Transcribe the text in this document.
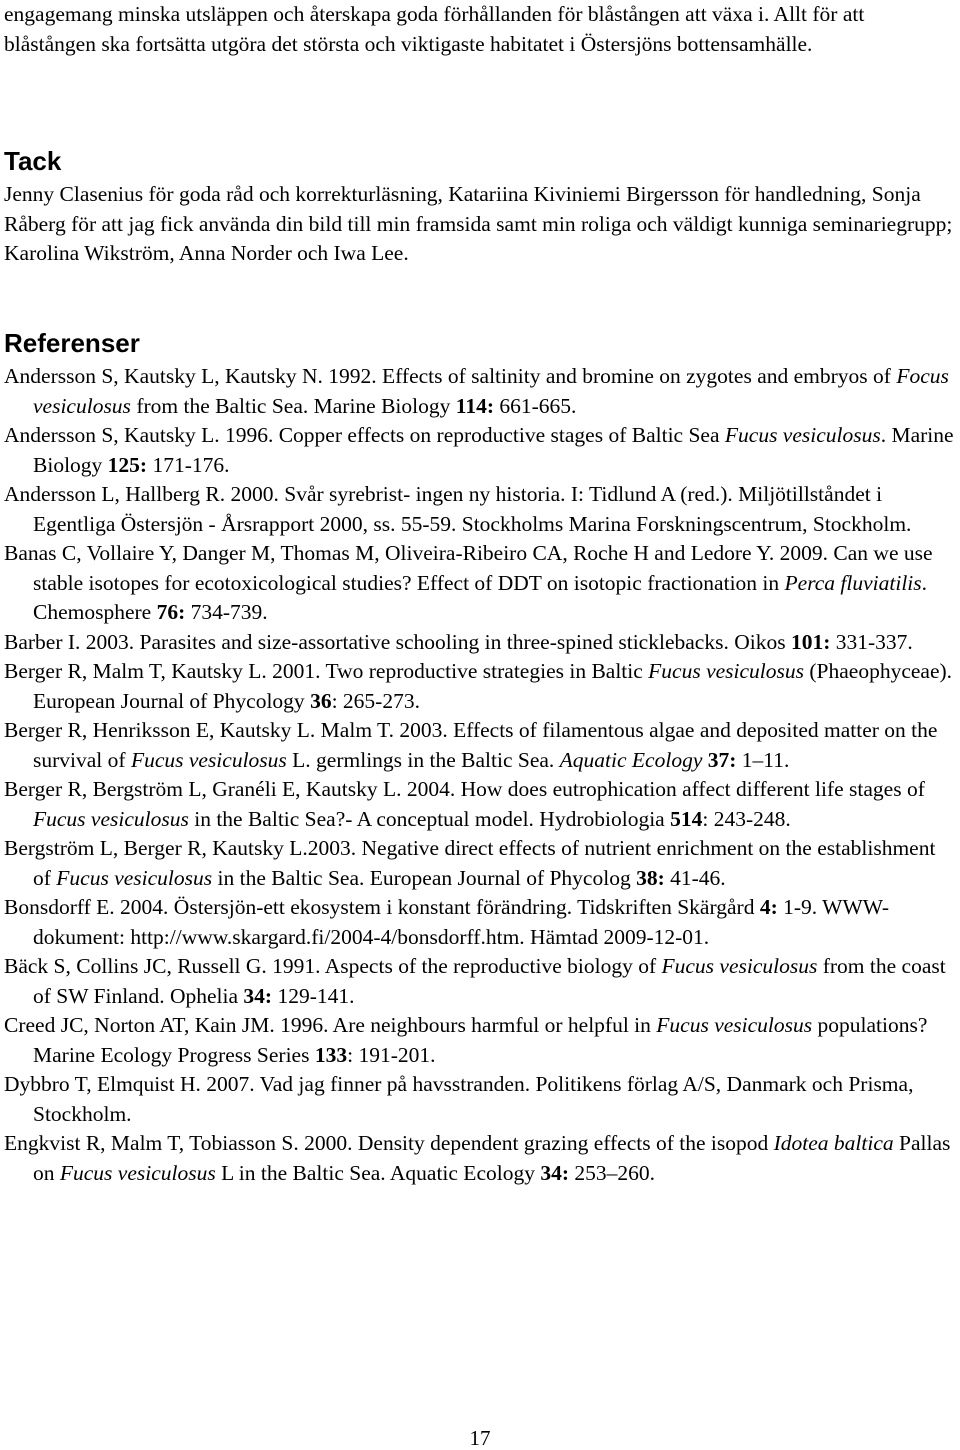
engagemang minska utsläppen och återskapa goda förhållanden för blåstången att växa i. Allt för att blåstången ska fortsätta utgöra det största och viktigaste habitatet i Östersjöns bottensamhälle.

Tack

Jenny Clasenius för goda råd och korrekturläsning, Katariina Kiviniemi Birgersson för handledning, Sonja Råberg för att jag fick använda din bild till min framsida samt min roliga och väldigt kunniga seminariegrupp; Karolina Wikström, Anna Norder och Iwa Lee.

Referenser

Andersson S, Kautsky L, Kautsky N. 1992. Effects of saltinity and bromine on zygotes and embryos of Focus vesiculosus from the Baltic Sea. Marine Biology 114: 661-665.

Andersson S, Kautsky L. 1996. Copper effects on reproductive stages of Baltic Sea Fucus vesiculosus. Marine Biology 125: 171-176.

Andersson L, Hallberg R. 2000. Svår syrebrist- ingen ny historia. I: Tidlund A (red.). Miljötillståndet i Egentliga Östersjön - Årsrapport 2000, ss. 55-59. Stockholms Marina Forskningscentrum, Stockholm.

Banas C, Vollaire Y, Danger M, Thomas M, Oliveira-Ribeiro CA, Roche H and Ledore Y. 2009. Can we use stable isotopes for ecotoxicological studies? Effect of DDT on isotopic fractionation in Perca fluviatilis. Chemosphere 76: 734-739.

Barber I. 2003. Parasites and size-assortative schooling in three-spined sticklebacks. Oikos 101: 331-337.

Berger R, Malm T, Kautsky L. 2001. Two reproductive strategies in Baltic Fucus vesiculosus (Phaeophyceae). European Journal of Phycology 36: 265-273.

Berger R, Henriksson E, Kautsky L. Malm T. 2003. Effects of filamentous algae and deposited matter on the survival of Fucus vesiculosus L. germlings in the Baltic Sea. Aquatic Ecology 37: 1–11.

Berger R, Bergström L, Granéli E, Kautsky L. 2004. How does eutrophication affect different life stages of Fucus vesiculosus in the Baltic Sea?- A conceptual model. Hydrobiologia 514: 243-248.

Bergström L, Berger R, Kautsky L.2003. Negative direct effects of nutrient enrichment on the establishment of Fucus vesiculosus in the Baltic Sea. European Journal of Phycolog 38: 41-46.

Bonsdorff E. 2004. Östersjön-ett ekosystem i konstant förändring. Tidskriften Skärgård 4: 1-9. WWW-dokument: http://www.skargard.fi/2004-4/bonsdorff.htm. Hämtad 2009-12-01.

Bäck S, Collins JC, Russell G. 1991. Aspects of the reproductive biology of Fucus vesiculosus from the coast of SW Finland. Ophelia 34: 129-141.

Creed JC, Norton AT, Kain JM. 1996. Are neighbours harmful or helpful in Fucus vesiculosus populations? Marine Ecology Progress Series 133: 191-201.

Dybbro T, Elmquist H. 2007. Vad jag finner på havsstranden. Politikens förlag A/S, Danmark och Prisma, Stockholm.

Engkvist R, Malm T, Tobiasson S. 2000. Density dependent grazing effects of the isopod Idotea baltica Pallas on Fucus vesiculosus L in the Baltic Sea. Aquatic Ecology 34: 253–260.

17
